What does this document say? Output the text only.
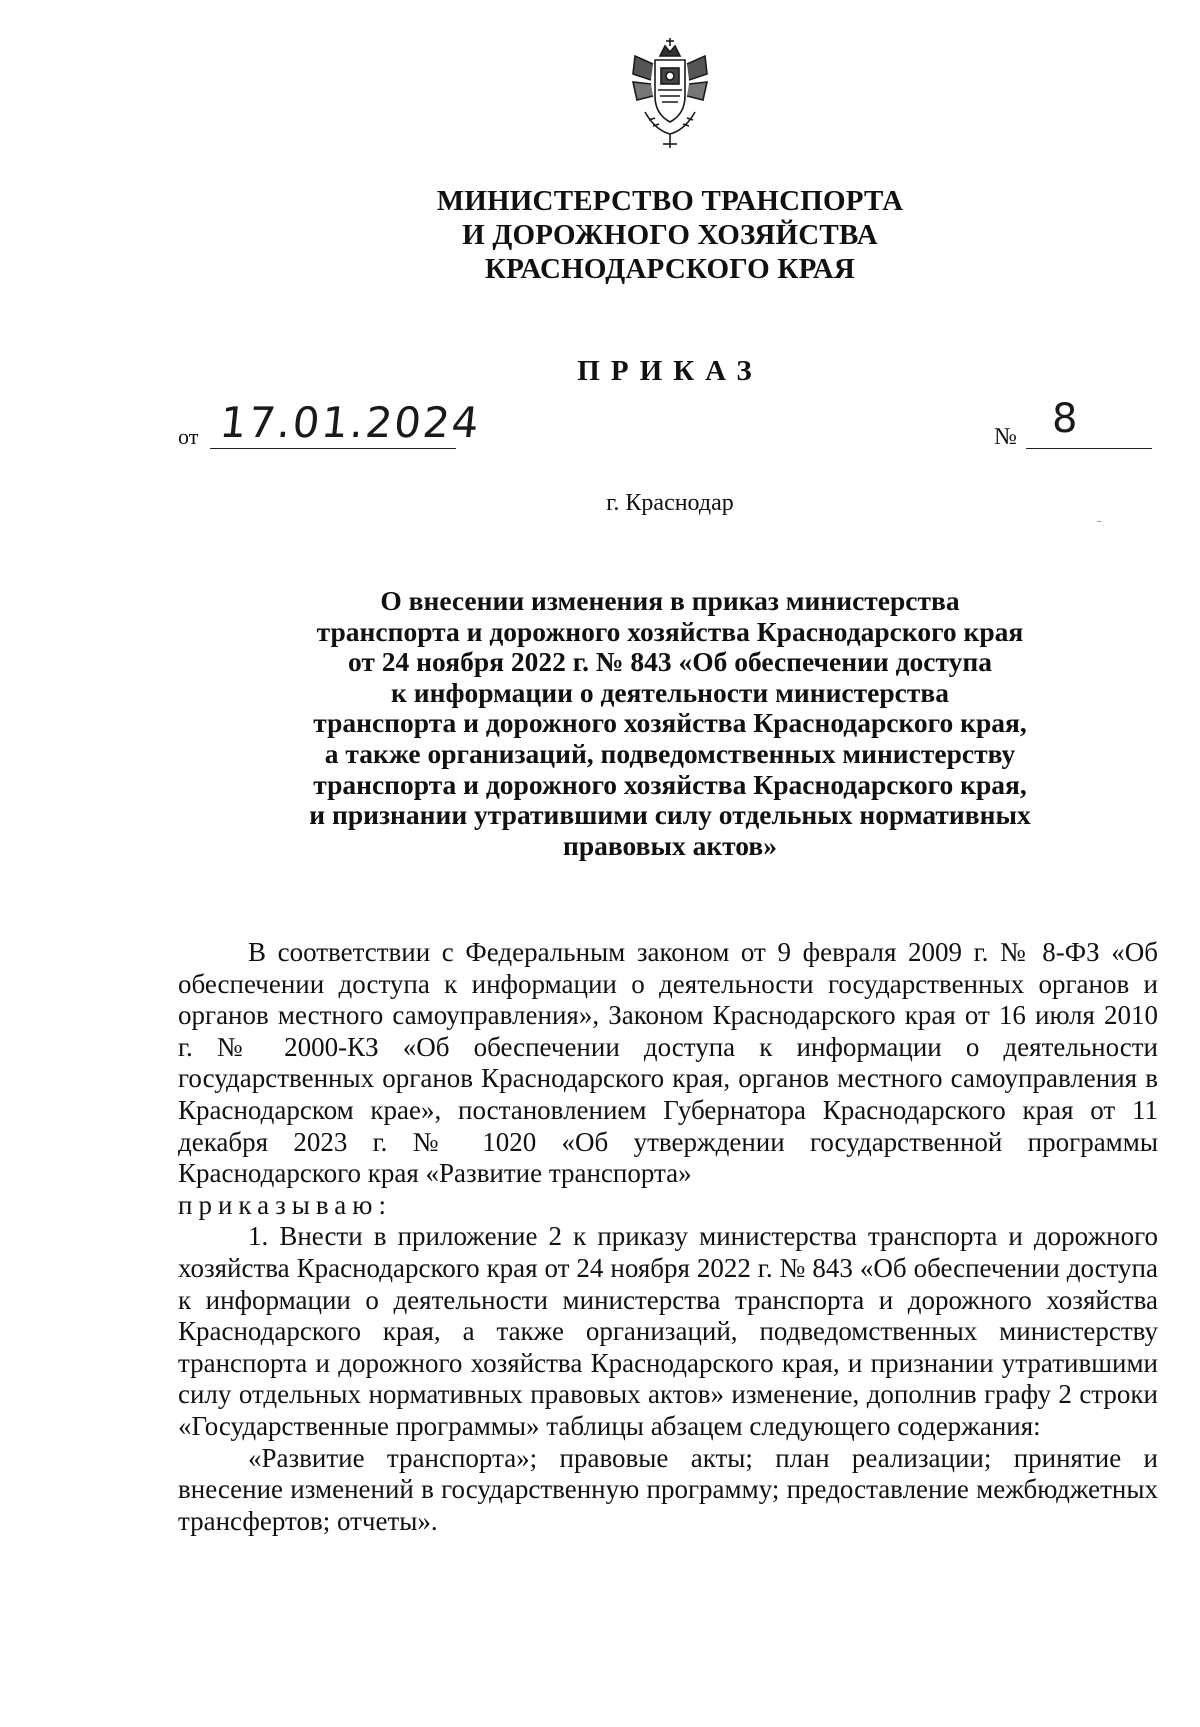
МИНИСТЕРСТВО ТРАНСПОРТА
И ДОРОЖНОГО ХОЗЯЙСТВА
КРАСНОДАРСКОГО КРАЯ
ПРИКАЗ
от 17.01.2024	№ 8
г. Краснодар
О внесении изменения в приказ министерства
транспорта и дорожного хозяйства Краснодарского края
от 24 ноября 2022 г. № 843 «Об обеспечении доступа
к информации о деятельности министерства
транспорта и дорожного хозяйства Краснодарского края,
а также организаций, подведомственных министерству
транспорта и дорожного хозяйства Краснодарского края,
и признании утратившими силу отдельных нормативных
правовых актов»

В соответствии с Федеральным законом от 9 февраля 2009 г. № 8-ФЗ «Об обеспечении доступа к информации о деятельности государственных органов и органов местного самоуправления», Законом Краснодарского края от 16 июля 2010 г. № 2000-КЗ «Об обеспечении доступа к информации о деятельности государственных органов Краснодарского края, органов местного самоуправления в Краснодарском крае», постановлением Губернатора Краснодарского края от 11 декабря 2023 г. № 1020 «Об утверждении государственной программы Краснодарского края «Развитие транспорта»

приказываю:

1. Внести в приложение 2 к приказу министерства транспорта и дорожного хозяйства Краснодарского края от 24 ноября 2022 г. № 843 «Об обеспечении доступа к информации о деятельности министерства транспорта и дорожного хозяйства Краснодарского края, а также организаций, подведомственных министерству транспорта и дорожного хозяйства Краснодарского края, и признании утратившими силу отдельных нормативных правовых актов» изменение, дополнив графу 2 строки «Государственные программы» таблицы абзацем следующего содержания:

«Развитие транспорта»; правовые акты; план реализации; принятие и внесение изменений в государственную программу; предоставление межбюджетных трансфертов; отчеты».
